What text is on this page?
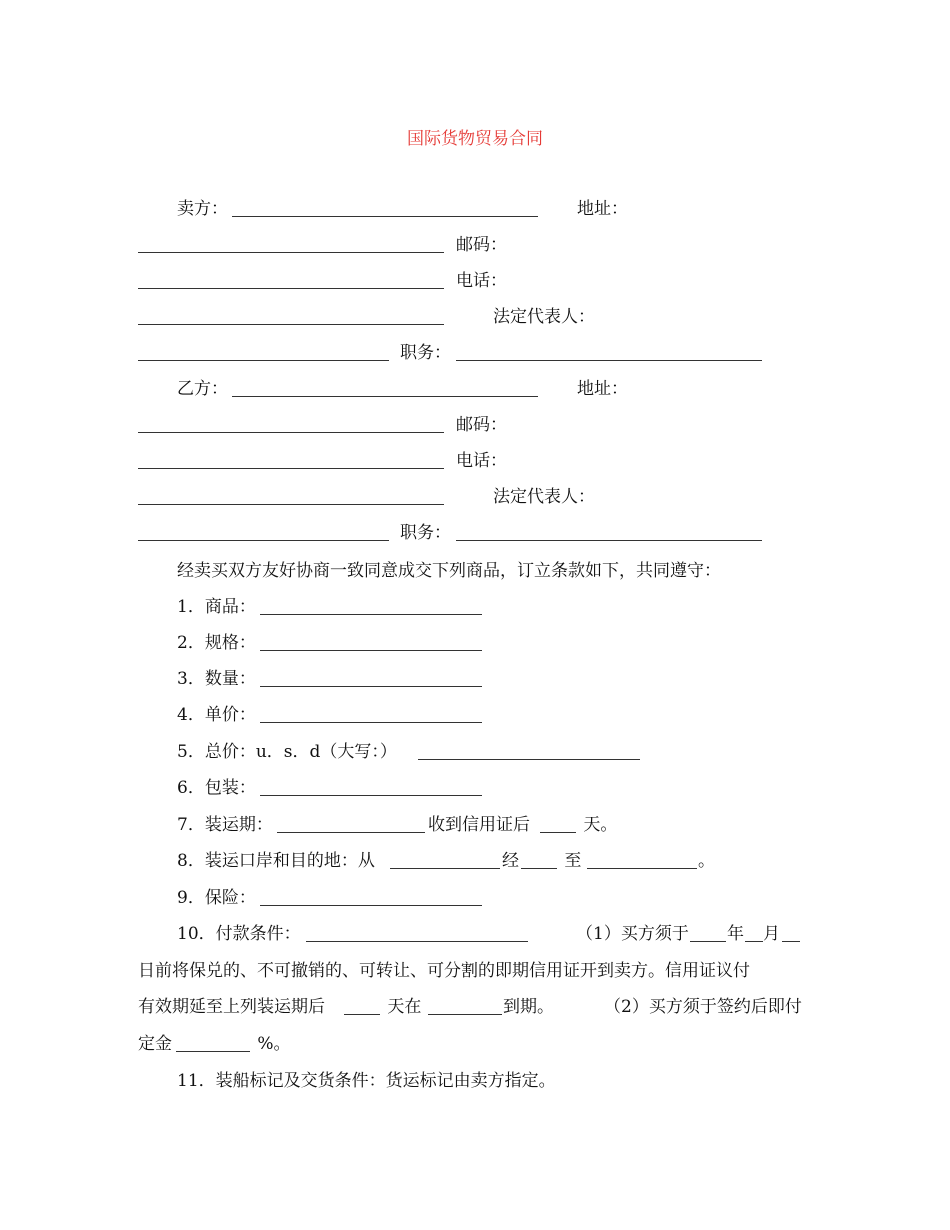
国际货物贸易合同
卖方：	地址：
邮码：
电话：
法定代表人：
职务：
乙方：	地址：
邮码：
电话：
法定代表人：
职务：
经卖买双方友好协商一致同意成交下列商品，订立条款如下，共同遵守：
1．商品：
2．规格：
3．数量：
4．单价：
5．总价：u．s．d（大写：）
6．包装：
7．装运期：	收到信用证后	天。
8．装运口岸和目的地：从	经 至	。
9．保险：
10．付款条件：	（1）买方须于 年 月
日前将保兑的、不可撤销的、可转让、可分割的即期信用证开到卖方。信用证议付
有效期延至上列装运期后	天在	到期。	（2）买方须于签约后即付
定金	%。
11．装船标记及交货条件：货运标记由卖方指定。
